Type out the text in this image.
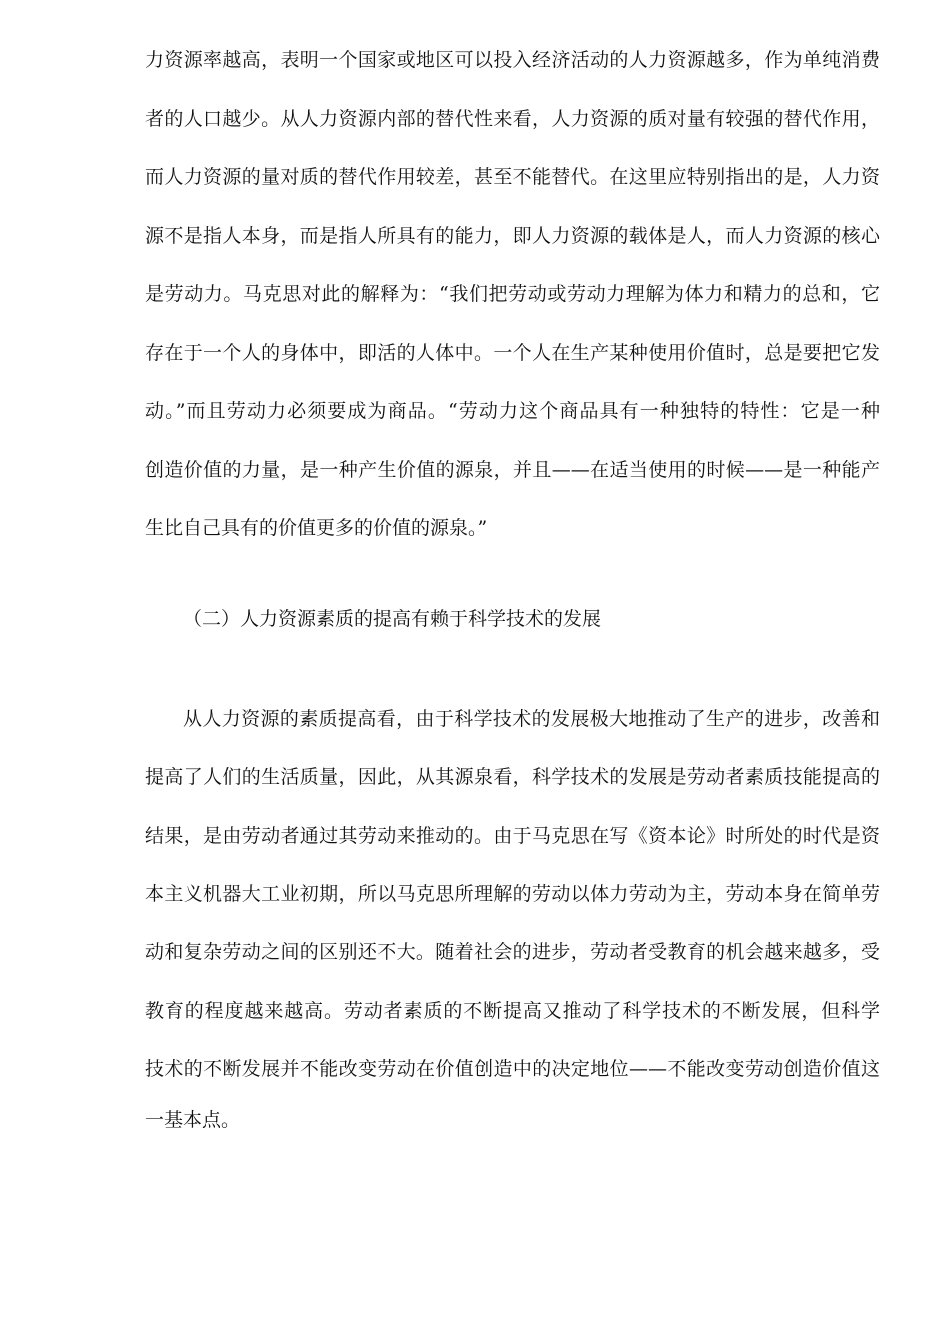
力资源率越高，表明一个国家或地区可以投入经济活动的人力资源越多，作为单纯消费
者的人口越少。从人力资源内部的替代性来看，人力资源的质对量有较强的替代作用，
而人力资源的量对质的替代作用较差，甚至不能替代。在这里应特别指出的是，人力资
源不是指人本身，而是指人所具有的能力，即人力资源的载体是人，而人力资源的核心
是劳动力。马克思对此的解释为：“我们把劳动或劳动力理解为体力和精力的总和，它
存在于一个人的身体中，即活的人体中。一个人在生产某种使用价值时，总是要把它发
动。”而且劳动力必须要成为商品。“劳动力这个商品具有一种独特的特性：它是一种
创造价值的力量，是一种产生价值的源泉，并且——在适当使用的时候——是一种能产
生比自己具有的价值更多的价值的源泉。”
（二）人力资源素质的提高有赖于科学技术的发展
从人力资源的素质提高看，由于科学技术的发展极大地推动了生产的进步，改善和
提高了人们的生活质量，因此，从其源泉看，科学技术的发展是劳动者素质技能提高的
结果，是由劳动者通过其劳动来推动的。由于马克思在写《资本论》时所处的时代是资
本主义机器大工业初期，所以马克思所理解的劳动以体力劳动为主，劳动本身在简单劳
动和复杂劳动之间的区别还不大。随着社会的进步，劳动者受教育的机会越来越多，受
教育的程度越来越高。劳动者素质的不断提高又推动了科学技术的不断发展，但科学
技术的不断发展并不能改变劳动在价值创造中的决定地位——不能改变劳动创造价值这
一基本点。
